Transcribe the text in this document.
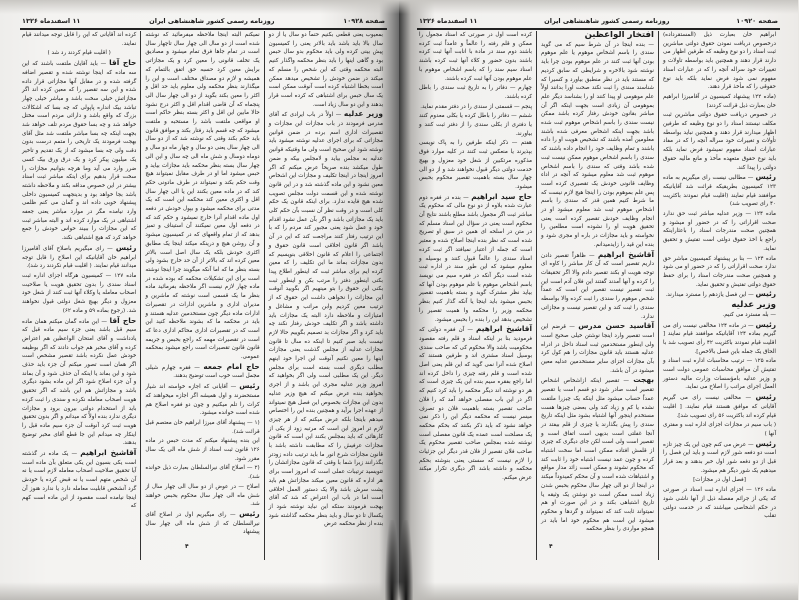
صفحه ۱۰۹۲۸
روزنامه رسمی کشور شاهنشاهی ایران
۱۱ اسفندماه ۱۳۲۶

بمعیوب یعنی قطعی بکنیم حتماً دو سال یا از دو سال بالا باید باشد باید بالاتر یعنی را کمیسیون پیش بینی کرده ولی باید محکوم بدو سال حبس بود و گاهی اینها را باید بنظر محکمه واگذار کنیم البته محکمه وقتی که این شخص را مسلم که میکند در ضمن خودش را تشخیص میدهد ممکن است بخطا اشتباه کرده است آنوقت ممکن است یک سال حبس برای اشتباهی که کرده است قرار بدهند و این دو سال زیاد است.

وزیر عدلیه — اولاً در باب ایرادی که آقای مدرس فرمودند در باب مجازات این مجازات و تقصیرات اداری اسم برده در ضمن قوانین مجازاتی که برای اجرای عدلیه نوشته میشود باید نوشته شود این صحیح است ولی ما وقتیکه قوانین عدلیه به مجلس بیاید و لامجلس بیکه و ضمن طول میکشد بنده صریحاً عرض میکنم که اگر امروز اینجا در اینجا تکلیف و مجازات این اشخاص معین نشود و این ماده گذشته شد و در این قانون نوشته شده و این قسمت دولت مجلس تصویب شده هیچ فایده ندارد. برای اینکه قانون یک حکم کلی است و در وقت نظر آن نسبت بآن حکم کلی باید یک مجازاتی باشد و اگر بآن عمل نشود اقدام خود و عمل شود یعنی مجبور کند مردم را که با این ترتیب رفتار کنند مراجعت کند که این در آن باشد اگر قانون اخلاقی است قانون حقوق و اجتماعی را اعلام که قانون اخلاقی بنویسیم که بدون مجازات بماند ما این تکلیف را که معین کرده ایم برای مباشر ثبت که اینطور اطلاع پیدا بکنی اینطور دفتر را مرتب بکن و اینطور ثبت بکنی این حقوق را بتو مینهیم اگر بگویید آنوقت این مجازات را نخواهی داشت این حقوق که از ترتیب معین کردیم وابن مراتب و مشاغل و امتیازات و ملاحظه دارد البته یک مجازات باید داشته باشد و اگر تکلیف خودش رفتار نکند چه باید کرد و اگر مجازات بد تصمیم بگوییم حالا لازم نیست باید صبر کنیم تا اینکه ده سال تا قانون مجازات عدلیه از مجلس گذشت یعنی مجازات اینها را معین نکنیم آنوقت این اجرا خود اینهم مطلب دیگری است بسته است برأی مجلس دیگر. این یک مطلبی است ولی اگر بخواهید که امروز وزیر عدلیه مجری این باشد و از اجری بخواهید بنده عرض میکنم که هیچ وزیر عدلیه بدون این مجازات بخصوص این فصل هیچ نمیتواند از عهده اجرا برآید و همچنین بنده این را اختصاص میدهم باینجا بلکه عرض میکنم که از هر چیزی لازم تر امروز این است که مرتبه زود از یکی از کارهائی که باید بمجلس بکنند این است که قانون مجازات عرفیش را که مطابقت داشته باشد با قانون مجازات شرع انور ما باید ترتیب داده زودتر بگذرانند زیرا شما با وقتی که قانون مجازاتشان را تنویسید ترتیبات عملی است که امروز است برای هر اداره که قانون معین میکند مجازاتش هم باید پشت سرش باشد والا یک دستور العمل اخلاقی است اما در باب این اعتراض که شد که آقای بهجت فرمودند ستکه این نباید نوشته شود از یکسال تا دو سال و باید بنظر محکمه گذاشته شود بنده از نظر محکمه عرض

نمیکنم البته اینجا ملاحظه میفرمائید که نوشته شده است از دو سال الی چهار سال تاچهار سال است در تمام جاها فرق تمام میشود و مصادیق یک تخلف قانونی را معین کرد و یک مجازاتی برایش معین کرد حسبه حق اتفق بالتمام که همیشه و لازم دو مصداق مختلف است و این را میگذارند بنظر محکمه ولی معلوم باید حد اقل و اکثر را معین بکند بگوید از دو الی چهار سال الی پنجماه که آن قاضی اقدام اقل و اکثر درج نشود حالا مابین این اقل و اکثر بسته بنظر حاکم است او مواقعی ملتفت باشد را مستحبه و ملتفت میشود که چه قسم باید رفتار بکند و موافق قانون باید حکم بکند وقتی که نوشته شد که از دو سال الی چهار سال یعنی دو سال و چهار ماه دو سال و دوماه دوسال و شش ماه الی چه سال و این الی چهار سال بسته بنظر محکمه باید مجازات بیاید و حبس میشود اما او در طرف مقابل نمیتواند هیچ وقت حکم بکند و نمیتواند در طرف مادونی حکم کند که در ماده معین بکنند این یا الی چهار سال اقل و اکثری معین کند محکمه این است که یک مدتی برای محکمه میشود و بپول خودش در دفعه اول ماده اقدام آنرا خارج نمیشود و حکم کند که در دفعه اول معین نمیکنند آن استیناف و تمیز بدهد که از تمام واقعهای که در کمیسیون میشود و آن روشن هیچ و درینکه میکند اینجا یک مطابق اکثری خودش بلکه یک سال اصل است بالاتر معین کرده اند که بالاتر از آن حد خارج بشود ولی بسته بنظر ما که اما آنکه میگویند چرا اینجا نوشته است برای این تشکیلات محکمه که بوده شده در ماده چهار لازم نیست اگر ملاحظه بفرمائید ماده بنظر ما یک قسمی است نوشته که ماشرین و مدیران اداری و ماشرین ادارات در تقصیرات ادارات ماده دیگر چون مستخدمین عدلیه هستند و باید در محکمه ما که بشوند ملاحظه کنید این است که در تقصیرات اداری محاکم اداری دعا که است در تقصیرات مهمه که راجع بحبس و جریمه قانون قانون تقصیرات است راجع میشود بمحکمه عمومی.

حاج امام جمعه — فقره چهارم شیلی مجمل است خوب است توضیح بدهند.

رئیس — آقایانی که اجازه خواسته اند شیار مستحضرند و اول همیشه اگر اجازه میخواهند که کرات را تلم میکنیم و چون دو فقره اصلاح هم شده است خوانده میشود.

(۱ — پیشنهاد آقای میرزا ابراهیم خان معتصم قبل قرائت شد).

این بنده پیشنهاد میکنم که مدت حبس در ماده ۱۲۶ قانون ثبت اسناد از شش ماه الی یک سال مقرر شود.

(۲ — اصلاح آقای نیرالسلطان بعبارت ذیل خوانده شد).

اصلاح — در عوض از دو سال الی چهار سال از شش ماه الی چهار سال محکوم بحبس خواهند شد.

رئیس — رای میگیریم اول در اصلاح آقای نیرالسلطان که از شش ماه الی چهار سال پیشنهاد

کرده اند آقایانی که این را قابل توجه میدانند قیام نمایند.

( اقلیت قیام کردند رد شد )

حاج آقا — باید آقایان ملتفت باشند که این سه ماده که اینجا نوشته شده و تقصیر اضافه گرفته شده و در مقابل آنها مجازاتی قرار داده شده و این سه تقصیر را که معین کرده اند اگر مجازاتش خیلی سخت باشد و مباشر خیلی چهار تباشد بیک انداره پاپولی که چه بسا که اشکالات بزرگ که واقع باشد و دارائی مردم است مختل خواهد شد و چه بسا حقوق مردم تلف خواهد شد بجهت اینکه چه بسا مباشر ملتفت شد مثل آقای بهجت فرمودند یک تاریخی را متمم درست بدون دقت ولی چه بسا میشود که از یک تقدیم و تاخیر یک میلیون پیکر کرد و یک درق ورق بیک کسی ضرر وارد می آید وما هرچه بتوانیم مجازات را سخت قرار بدهیم برای اینکه مباشر ثبت اسناد بیشتر در این خصوص مداقه بکند و ملاحظه داشته باشد بجا خواهد بود و بدینجهت کمیسیون داخلی پیشنهاد خوبی داده اند و گمان می کنم ظلمی وارد نیامده مگر در موارد مباشر یعنی جعفه اشتباهی در یک موارد کرده اند و البته مباشر ثبت که این مجازات را ببیند حواس خودش را جمع خواهد کرد که هیچ اشتباهی نکند.

رئیس — رای میگیریم باصلاح آقای آقامیرزا ابراهیم خان آقایانیکه این اصلاح را قابل توجه میدانند قیام نمایند. ( اقلیت قیام نکردند رد شد).

ماده ۱۲۷ — کمیسیون هرگاه اجزای اداره ثبت اسناد سندی را بدون تحقیق هویت یا صلاحیت اصحاب معامله یا وکلاء آنها ثبت کنند از شغل خود معزول و دیگر بهیچ شغل دولتی قبول نخواهند شد. (رجوع بماده ۵۹ و ماده ۶۲)

حاج آقا — این ماده گمان میکنم همان ماده سیم قبل باشد یعنی جزء سیم ماده قبل که یادداشت و آقای امتحان الواعظین هم اعتراض کرده و آقای مخبر هم جواب دادند که اگر بوظیفه خودش عمل نکرده باشد تقصیر مشخص است اگر همان است تصور میکنم آن جزء باید حذف شود و این بماند یا اینکه آن حذف شود و آن بماند و آن جزء اصلاح شود اگر این ماده بشود دیگری باشد و مجازاتش هم این باشد که اگر تحقیق هویت اصحاب معامله نکرده و سندی را ثبت کرده باید از استخدام دولتی بیرون برود و مجازات دیگری ندارد بنده اولاً که میدانم و اگر بدون تحقیق هویت ثبت کرد آنوقت آن جزء سیم ماده قبل را اینکار چه میدانم این جا قطع آقای مخبر توضیح بدهند.

آقاشیخ ابراهیم — یک ماده در گذشته است یکی بسیون این یکی متعلق بآن ماده است آیا تحقیق صلاحیت اصحاب معامله لازم است یا نه آن شخص متهم است یا نه قبض کرده یا خودش گرد آنشخص قابلیت معامله دارد یا ندارد هنوز آن اینجا نیامده است مقصود از این ماده است کهم که

۴
صفحه ۱۰۹۲۰
روزنامه رسمی کشور شاهنشاهی ایران
۱۱ اسفندماه ۱۳۲۶

ابراهیم خان بعبارت ذیل (المستقرداده) درخصوص دریافت نمودن حقوق دولتی مباشرین ثبت اسناد را دو نوع وظیفه که طرفین اظهار می دارند قرار دهند و همچنین باید بواسطه تاولات و تغییرات خود سراله آنچه را که در عبارات اسناد مفهوم نمی شود فرض نماید بلکه باید نوع حقوقی را که مأخذ قرار دهند.

(ماده ۱۲۲ پیشنهاد کمیسیون در آقامیرزا ابراهیم خان بعبارت ذیل قرائت کردند)

در خصوص دریافت حقوق دولتی مباشرین ثبت مکلف نیستند اسناد را دو نوع وظیفه که طرفین اظهار میدارند قرار دهند و همچنین نباید بواسطه تأولات و تغییرات خود سراله آنچه را که در مفاد عبارات اسناد مفهوم نمیشود فرض نماید بلکه باید نوع حقوق متعهده مأخذ و مانع مالیه حقوق دولتی را پیدا کند.

رئیس — مطالبی نیست رای میگیریم به ماده ۱۲۳ کمیسیون بطریقیکه قرائت شد آقایانیکه موافقند قیام نمایند (اقلیت قیام نمودند باکثریت ۴۰ رای تصویب شد)

ماده ۱۲۴ — وزیر عدلیه مباشر ثبت حق ندارد صحت اقراراتی را که در حضور او میشود و همچنین صحت مندرجات اسناد را باعثاراینکه راجع با اخذ حقوق دولتی است تفتیش و تحقیق نماید.

ماده ۱۲۴ — بنا بر پیشنهاد کمیسیون مباشر حق ندارد صحت اقراراتی را که در حضور او می شود و همچنین صحت مندرجات اسناد را برای حفظ حقوق دولتی تفتیش و تحقیق نماید.

رئیس — این فصل یازدهم را مسترد میدارند.

وزیر عدلیه

— بله مسترد می کنیم.

رئیس — در ماده ۱۲۴ مخالفی نیست رای می گیریم بماده ۱۲۴ آقایانیکه موافقند قیام نمایند [ اقلیت قیام نمودند باکثریت ۴۲ رأی تصویب شد با الحاق یک جمله باین فصل بالاخص].

ماده ۱۲۵ — ترتیب محاسبات اداره ثبت اسناد و تفتیش آن موافق محاسبات عمومی دولت است و وزیر عدلیه بامؤسسات وزارت مالیه دستور العمل اجرای مراتب را اصلاح می نماید.

رئیس — مخالفی نیست رای می گیریم آقایانی که موافق هستند قیام نمایند. [ اقلیت قیام کرده اند باکثریت ۵۶ رای تصویب شد].

( باب سیم در مجازات اجزای اداره ثبت و مفتری آنها )

رئیس — عرض می کنم چون این یک چیز تازه است دو دفعه شور لازم است و باید این فصل را قبل از دو دفعه شور اول خبر بدهند و بعد قرار میدهیم یک شور دیگر هم میشود.

[فصل اول در مجازات]

ماده ۱۲۶ — اجزای اداره ثبت اسناد در صورتی که یکی از جرائم مفصله ذیل از آنها ناشی شود در حکم اشخاصی میباشند که در خدمت دولتی تقلب

افتخار الواعظین

— بنده اینجا در آن شرط سیم که می گوید سندی را باسم اشخاص موهوم یا علم موهوم بودن آنها ثبت کنند در علم موهوم بودن چرا باید نوشته شود بالاخره و شرایطی که سابق کردیم که مستند باید در نظر منطبق بیاورد و کسیرا که شناسند سندی را ثبت نکند صحت اورا بدانند اولاً علم موهومی او پیدا کنند او را بشناسد دیگر علم بموهومی آن زیادی است بجهت اینکه اگر آن مباشر بقانون خودش رفتار کرده باشد ممکن نیست سندی را باسم اشخاص موهوم ثبت شده باشد بجهت اینکه اشخاص معرفی شده باشند معلومین آمده باشند که تشخیص هویت او را داده باشند و تمام وظایف خود را انجام داده باشند که سندی را باسم اشخاص موهوم ممکن نیست ثبت شده باشد وقتی که سندی را باسم اشخاص موهوم ثبت شد معلوم میشود که آنچه در اداء وظایف قانونی خودش یک تقصیری کرده است پس علم بموهوم بودن را اینجا هیچ لازم نیست که ما شرط کنیم همین قدر که سندی را باسم اشخاص موهوم ثبت شد معلوم میشود او در انجام وظایف خودش تقصیر کرده است یعنی تحقیق هویت او را نشوده است مطلعین را نخواسته و باید مجازات در باره او مجری شود و بنده این قید را زایدمیدانم.

آقاشیخ ابراهیم — ظاهراً تقصیر دادن داریم تقصیر است که آن کار مباشر را کاوه ای توجه هویت او بکند تقصیر دادم والا اگر تحقیقات را کرده و آنها آمدند گفتند این فلان آدم است این ثبت تقصیر نیست تقصیر این است که عمداً شخص موهوم را سندی را ثبت کرده والا بواسطه سندی را ثبت کند و این تقصیر نیست و مجازاتی ندارد.

آقاسید حسن مدرس — قرضم این است تقصیر وارد اینجا نوشتن خیلی صحیح است ولی اینطور مستخدمین ثبت اسناد داخل در ادراه عدلیه هستند باید قانون مجازات را هم کول کرد بآن مجازات اجزای سایر مستخدمین عدلیه معین میشود در آن باشد.

بهجت — تقصیر اینکه ازاشخاص اشخاص تقصیر است صادر شود دو قسم است یا تقصیر عمداً حساب میشود مثل اینکه یک چیزرا ملتفت نشده یا کم و زیاد کند ولی بعضی چیزها هست مستخدم اینجور آنها اشتباه بشود مثل اینکه تاریخ سندی را پیش بگذارند یا چیزی از قلم بیفتد در آنجا غفلتی است بدیهی است اتفاق است و تقصیر است ولی است لکن جای دیگری که چیزی از قلمش افتاده ممکن است اما سخت اشتباه کرده و چون عمد نیست اشتباه خود را ثابت کند که محکوم نشوند و ممکن است زائد مدار مواقع و اشتباهات شده است و آن محکم کمیدوداً میکند در اینجا از دو الی چهار سال محکوم بحبس شدن زیاد است ممکن است دو نوشتن یک وثیقه یا تاریخ اشتباهی بکند و در این صورت او هم نمیتواند ثابت کند که نمیتواند و گردها و محکوم میشود این است هم محکوم خود اما باید در همچو مواردی را بنظر محکمه

کرده است اول در صورتی که اسناد مجعول را ممکن و قلم رفته را عالماً و عامداً ثبت کرده باشند دوم سند در مادة با انابت آنها ثبت کرده باشند بدون حضور و کلاء آنها ثبت کرده باشند اسناد سیم سند را که باسم اشخاص موهوم با علم موهوم بودن آنها ثبت کرده باشند.

چهارم — دفاتر را به تاریخ ثبت سندی را باطل کرده باشند.

پنجم — قسمتی از سندی را در دفتر مقدم نماید.

ششم — دفاتر را باطل کرده یا بکلی معدوم کنند یا دفتری از بکلی سندی را از دفتر ثبت کنند و بیاورند.

هفتم — ذکر اینکه طرفین را به پاک نویسی بپذیرند یا منعکس ثبت کنند در کلیه موارد فوق مذکوره مرتکبین از شغل خود معزول و بهیچ خدمت دولتی دیگر قبول نخواهند شد و از دو الی چهار سال بسته باهمیت تقصیر محکوم بحبس میشود.

حاج سید ابراهیم — بنده در فقره دوم عبارت شده بلاوه از دو نوع مالی که محکوم یک مباشر ثبت اگر مجعول باشد مطلع باشند نتایج آن محکوم است یعنی در سؤال این اسناد مسلم که در متن در اسلحه ای همین در سیق او تصریح شده است که نظر بنده اینجا اصلاح شده و معتبر است که جمله از اعتبار نمیافتد اگر ثبت کرده اسناد سندی را عالماً قبول کنند و بوسیله و معلوم میشود که این طور سند در اداره ثبت شده است دیگر آنکه در فقره سیم می نویسد باسم اشخاص موهوم با علم موهوم بودن آنها که بیاید نظر مشترک گوید و بسته باهمیت تقصیر بحبس میشود باید اینجا یا آنکه گذار کنیم بنظر محکمه وزیر را محکمه وا همیت تقصیر را تشخیص بدهد این را بنده را بحبس میشود.

آقاشیخ ابراهیم — آن فقره دولتی که فرمودید بنا بر اینکه اسناد و قلم رفته مقصود محکومیت باشد والا محکوم کی که صاحب سندی بوسیل اسناد مشتری اند و طرفین هستند که اصلاح شده آنرا نمی گوید که این قلم یعنی اصل شده است و قلم رفته چیزی را داخل کرده اند اما راجع بفقره سیم بنده این یک چیزی است که هر دو نوشته اند دیگر محکمه را باید کرد کنیم که اگر در این باب مفصلی خواهد آمد که را فلان صاحب تقصیر بسته باهمیت فلان دو تصرف میسر نیست که محکمه دیگر این را ذکر نمی خواهد نشود که باید ذکر بکنند که بحکم محکمه یک مصلحت است عمده یک قانون مفصلی است نوشته شده بمجلس صاحب تقصیر محکوم یک صاحب فلان تقصیر از فلان قدر دیگر این جزئیات را لازم نیست که سستی یعنی بنوشته بحکم محکمه و داشته باشد اگر دیگری تکرار میکند عرض میکنم.

۴
